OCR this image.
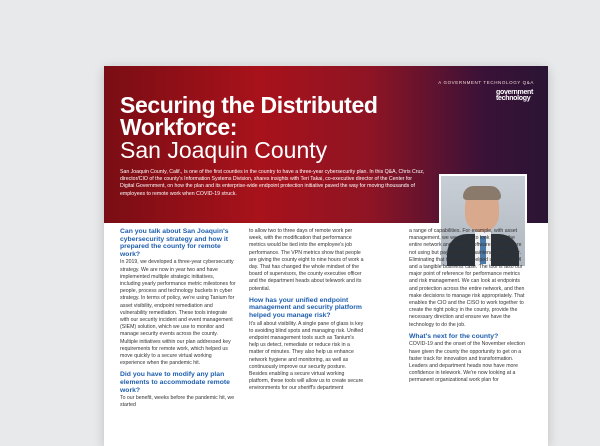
A GOVERNMENT TECHNOLOGY Q&A
government technology
Securing the Distributed Workforce:
San Joaquin County
San Joaquin County, Calif., is one of the first counties in the country to have a three-year cybersecurity plan. In this Q&A, Chris Cruz, director/CIO of the county's Information Systems Division, shares insights with Teri Takai, co-executive director of the Center for Digital Government, on how the plan and its enterprise-wide endpoint protection initiative paved the way for moving thousands of employees to remote work when COVID-19 struck.
Can you talk about San Joaquin's cybersecurity strategy and how it prepared the county for remote work?

In 2019, we developed a three-year cybersecurity strategy. We are now in year two and have implemented multiple strategic initiatives, including yearly performance metric milestones for people, process and technology buckets in cyber strategy. In terms of policy, we're using Tanium for asset visibility, endpoint remediation and vulnerability remediation. These tools integrate with our security incident and event management (SIEM) solution, which we use to monitor and manage security events across the county. Multiple initiatives within our plan addressed key requirements for remote work, which helped us move quickly to a secure virtual working experience when the pandemic hit.

Did you have to modify any plan elements to accommodate remote work?

To our benefit, weeks before the pandemic hit, we started

to allow two to three days of remote work per week, with the modification that performance metrics would be tied into the employee's job performance. The VPN metrics show that people are giving the county eight to nine hours of work a day. That has changed the whole mindset of the board of supervisors, the county executive officer and the department heads about telework and its potential.

How has your unified endpoint management and security platform helped you manage risk?

It's all about visibility. A single pane of glass is key to avoiding blind spots and managing risk. Unified endpoint management tools such as Tanium's help us detect, remediate or reduce risk in a matter of minutes. They also help us enhance network hygiene and monitoring, as well as continuously improve our security posture. Besides enabling a secure virtual working platform, these tools will allow us to create secure environments for our sheriff's department

a range of capabilities. For example, with asset management, we were able to look across the entire network and identify software that we were not using but paying costly maintenance fees for. Eliminating that technology helped us create ROI and a tangible business case. The tool is also our major point of reference for performance metrics and risk management. We can look at endpoints and protection across the entire network, and then make decisions to manage risk appropriately. That enables the CIO and the CISO to work together to create the right policy in the county, provide the necessary direction and ensure we have the technology to do the job.

What's next for the county?

COVID-19 and the onset of the November election have given the county the opportunity to get on a faster track for innovation and transformation. Leaders and department heads now have more confidence in telework. We're now looking at a permanent organizational work plan for
